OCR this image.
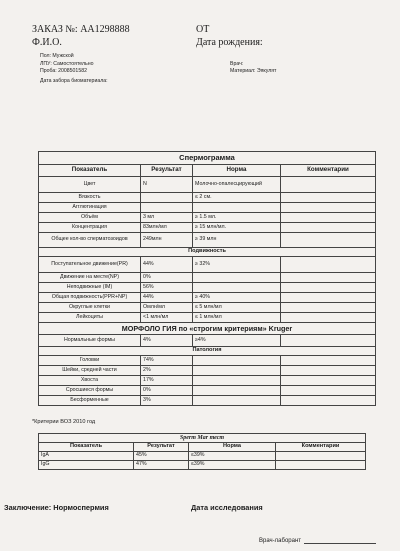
ЗАКАЗ №: АА1298888	ОТ
Ф.И.О.	Дата рождения:
Пол: Мужской
ЛПУ: Самостоятельно	Врач:
Проба: 2008501582	Материал: Эякулят
Дата забора биоматериала:
Спермограмма			
Показатель	Результат	Норма	Комментарии
Цвет	N	Молочно-опалесцирующий	
Вязкость		≤ 2 см.	
Агглютинация			
Объём	3 мл	≥ 1.5 мл.	
Концентрация	83млн/мл	≥ 15 млн/мл.	
Общее кол-во сперматозоидов	249млн	≥ 39 млн	
Подвижность			
Поступательное движение(PR)	44%	≥ 32%	
Движение на месте(NP)	0%		
Неподвижные (IM)	56%		
Общая подвижность(PPR+NP)	44%	≥ 40%	
Округлые клетки	Омлн/мл	≤ 5 млн/мл	
Лейкоциты	<1 млн/мл	≤ 1 млн/мл	
МОРФОЛО ГИЯ по «строгим критериям» Kruger			
Нормальные формы	4%	≥4%	
Патология			
Головки	74%		
Шейки, средней части	2%		
Хвоста	17%		
Сросшиеся формы	0%		
Бесформенные	3%		
*Критерии ВОЗ 2010 год
Sperm Mar тест			
Показатель	Результат	Норма	Комментарии
IgA	45%	≤39%	
IgG	47%	≤39%	
Заключение: Нормоспермия	Дата исследования
Врач-лаборант
